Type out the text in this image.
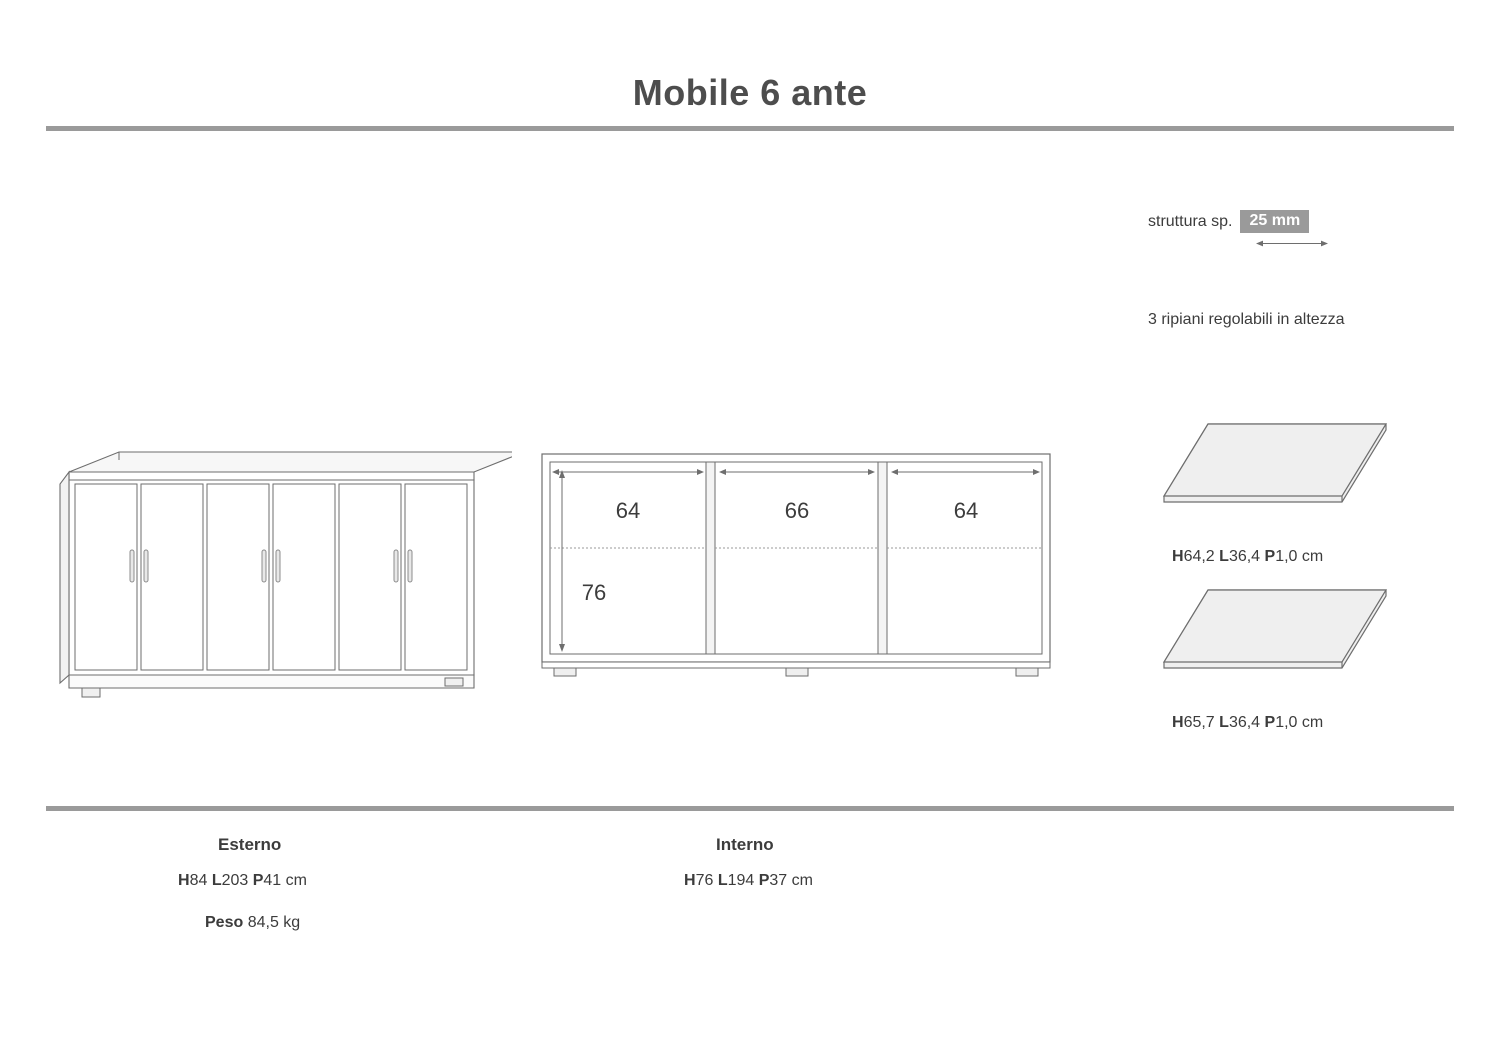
Mobile 6 ante
struttura sp.	25 mm
3 ripiani regolabili in altezza
H64,2 L36,4 P1,0 cm
H65,7 L36,4 P1,0 cm
64	66	64
76
Esterno
H84 L203 P41 cm
Peso 84,5 kg
Interno
H76 L194 P37 cm
